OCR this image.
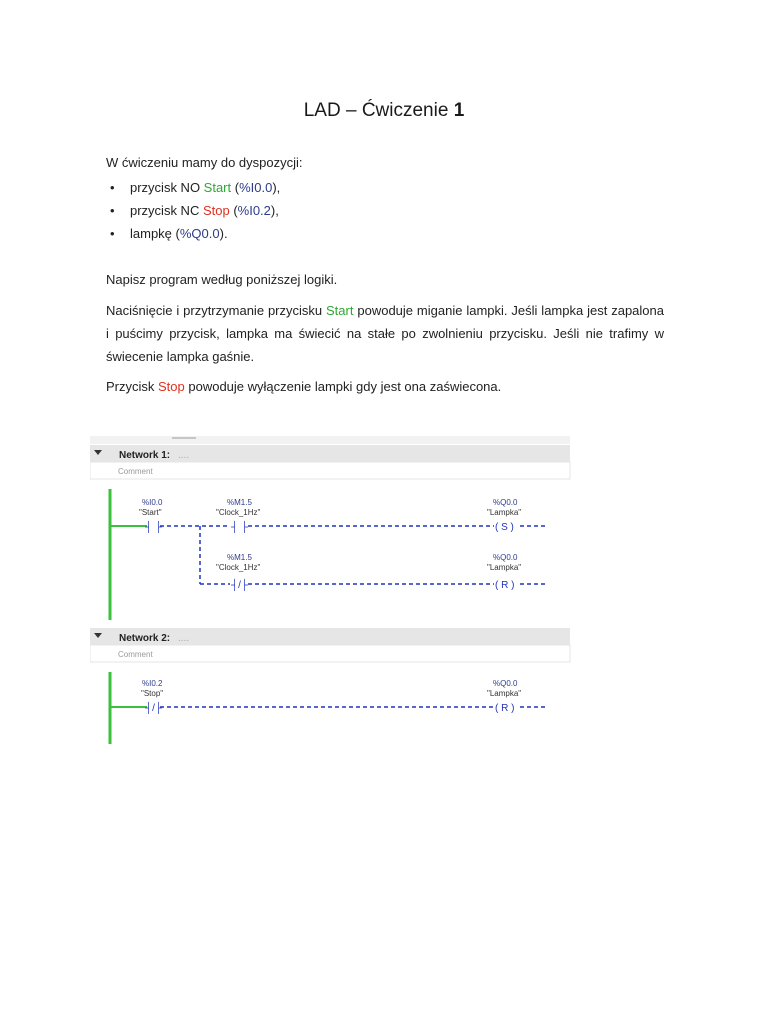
LAD – Ćwiczenie 1
W ćwiczeniu mamy do dyspozycji:
• przycisk NO Start (%I0.0),
• przycisk NC Stop (%I0.2),
• lampkę (%Q0.0).
Napisz program według poniższej logiki.
Naciśnięcie i przytrzymanie przycisku Start powoduje miganie lampki. Jeśli lampka jest zapalona i puścimy przycisk, lampka ma świecić na stałe po zwolnieniu przycisku. Jeśli nie trafimy w świecenie lampka gaśnie.
Przycisk Stop powoduje wyłączenie lampki gdy jest ona zaświecona.
Network 1: ....
Comment
%I0.0
"Start"
%M1.5
"Clock_1Hz"
%Q0.0
"Lampka"
┤ ├	┤ ├	( S )
%M1.5
"Clock_1Hz"
%Q0.0
"Lampka"
┤/├	( R )
Network 2: ....
Comment
%I0.2
"Stop"
%Q0.0
"Lampka"
┤/├	( R )
